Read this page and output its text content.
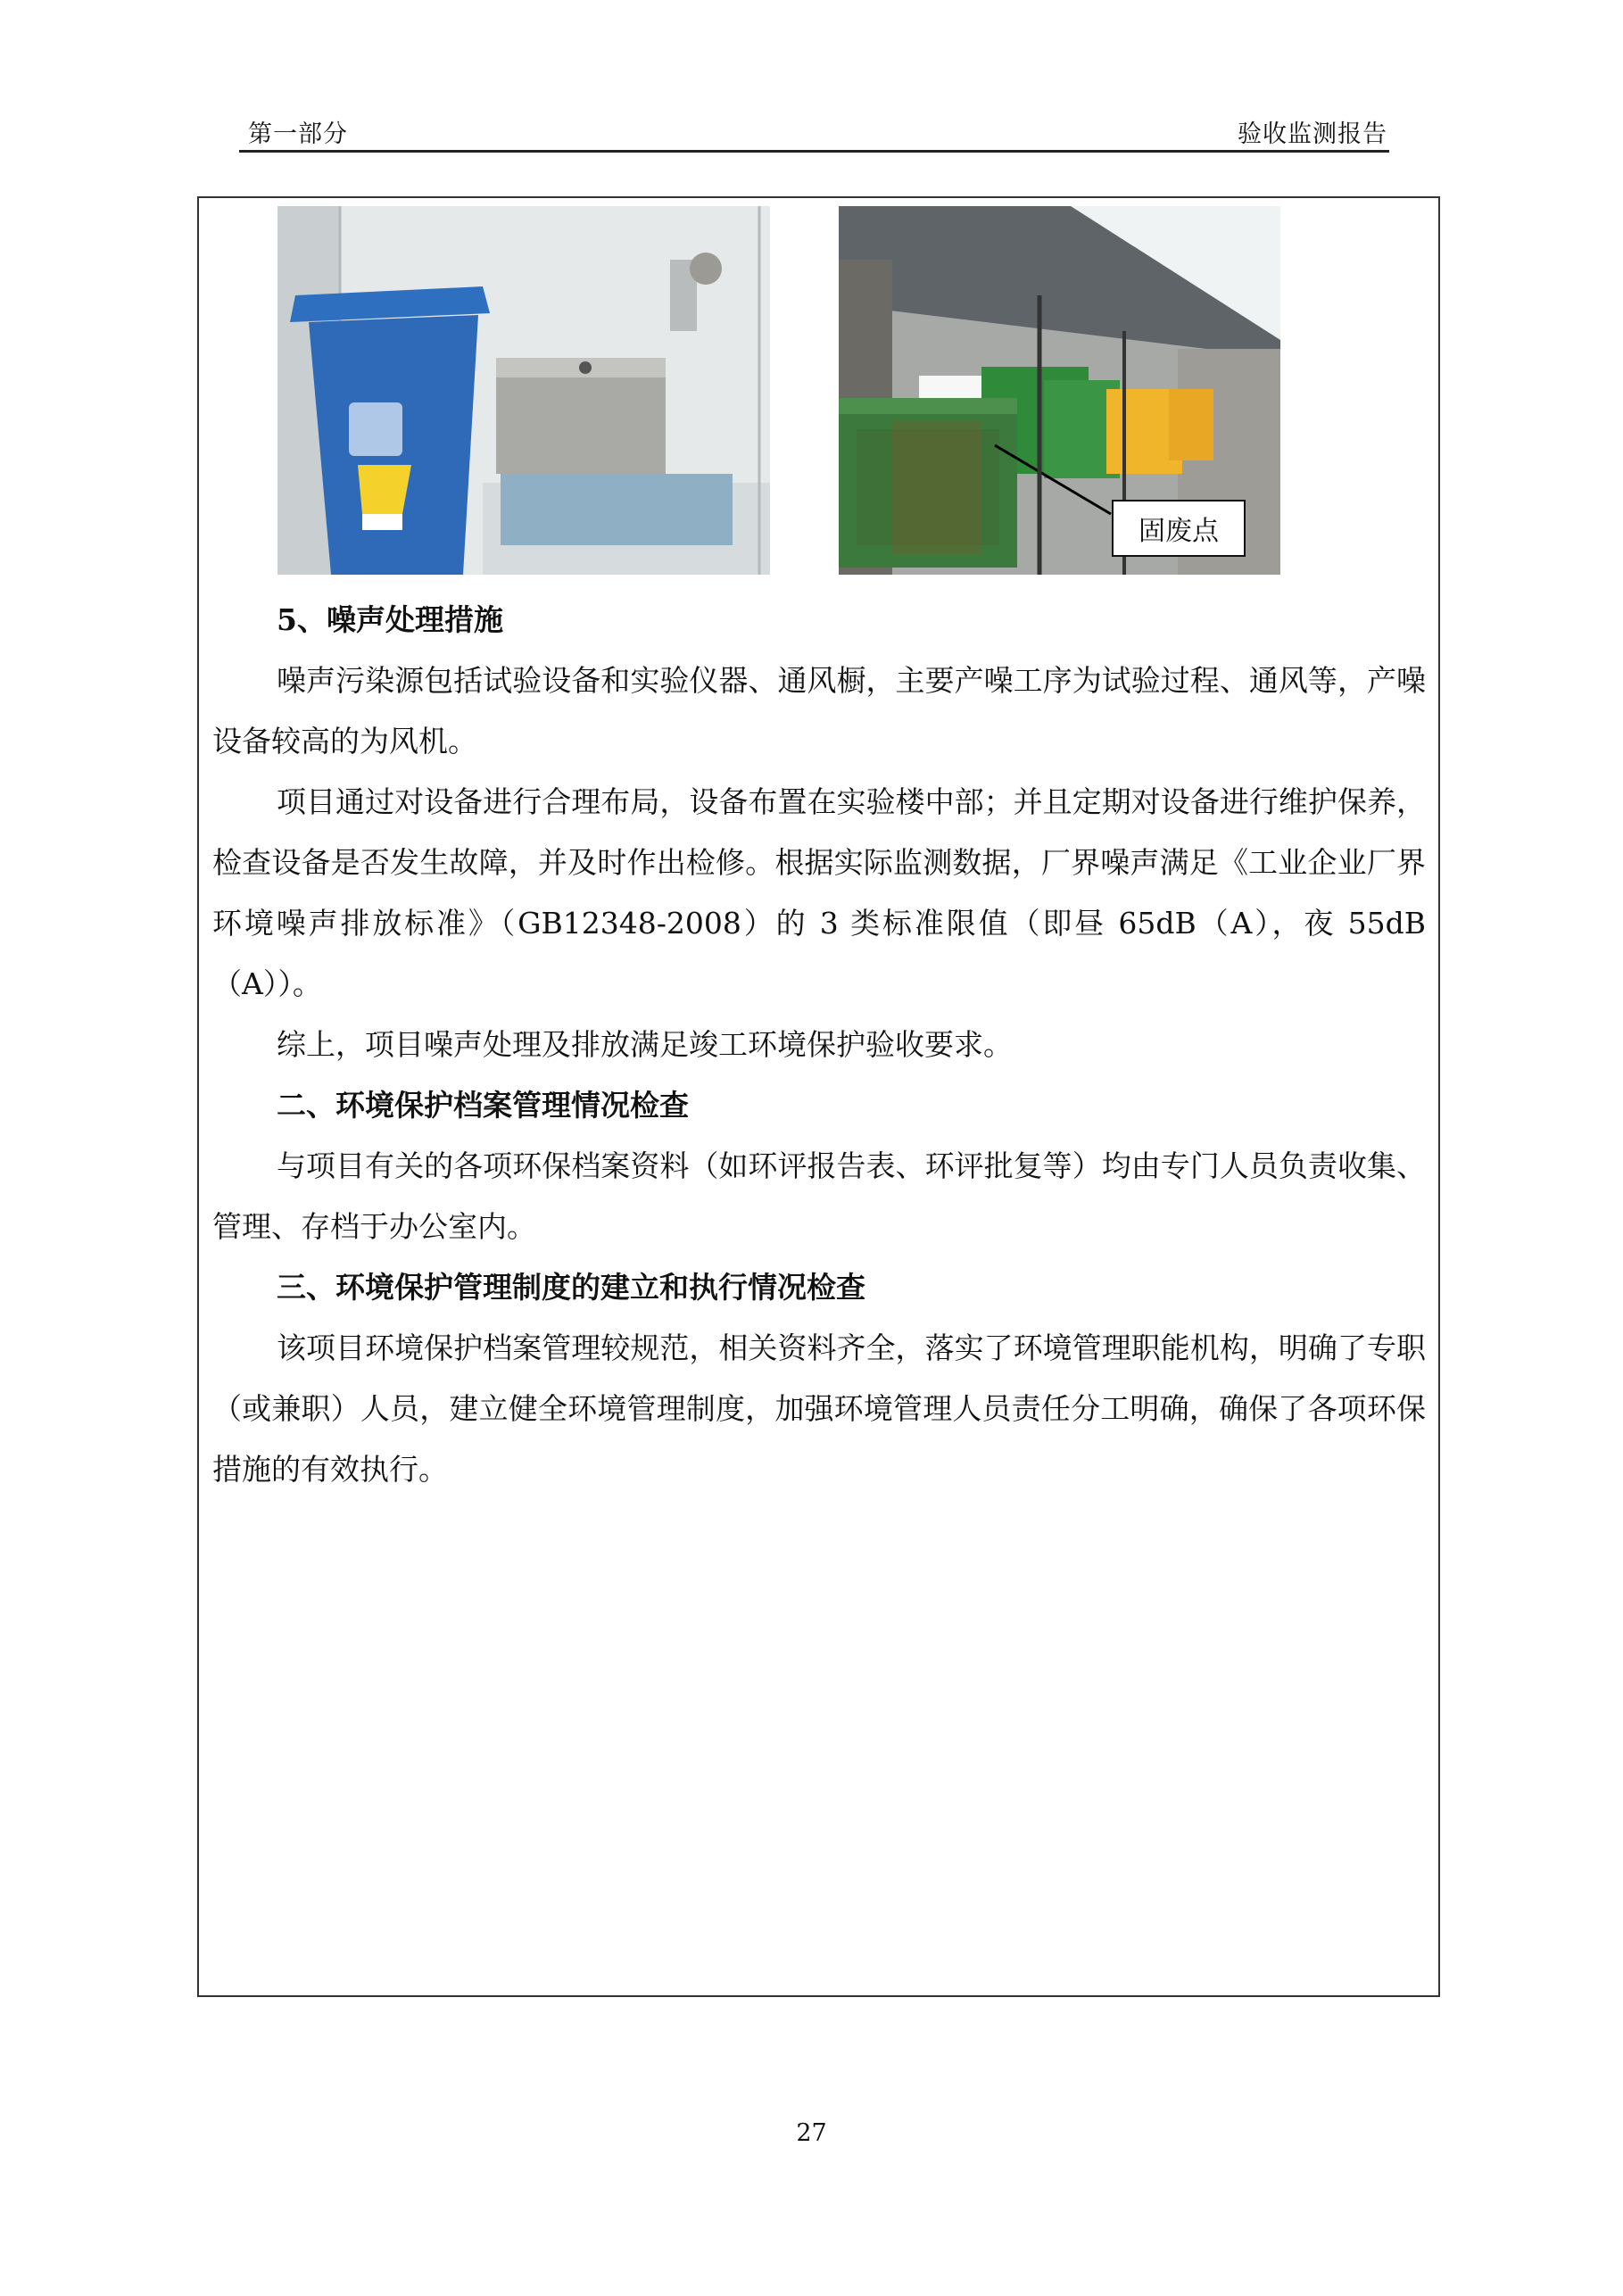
第一部分	验收监测报告
固废点

5、噪声处理措施

噪声污染源包括试验设备和实验仪器、通风橱，主要产噪工序为试验过程、通风等，产噪设备较高的为风机。

项目通过对设备进行合理布局，设备布置在实验楼中部；并且定期对设备进行维护保养，检查设备是否发生故障，并及时作出检修。根据实际监测数据，厂界噪声满足《工业企业厂界环境噪声排放标准》（GB12348-2008）的 3 类标准限值（即昼 65dB（A），夜 55dB（A））。

综上，项目噪声处理及排放满足竣工环境保护验收要求。

二、环境保护档案管理情况检查

与项目有关的各项环保档案资料（如环评报告表、环评批复等）均由专门人员负责收集、管理、存档于办公室内。

三、环境保护管理制度的建立和执行情况检查

该项目环境保护档案管理较规范，相关资料齐全，落实了环境管理职能机构，明确了专职（或兼职）人员，建立健全环境管理制度，加强环境管理人员责任分工明确，确保了各项环保措施的有效执行。

27
